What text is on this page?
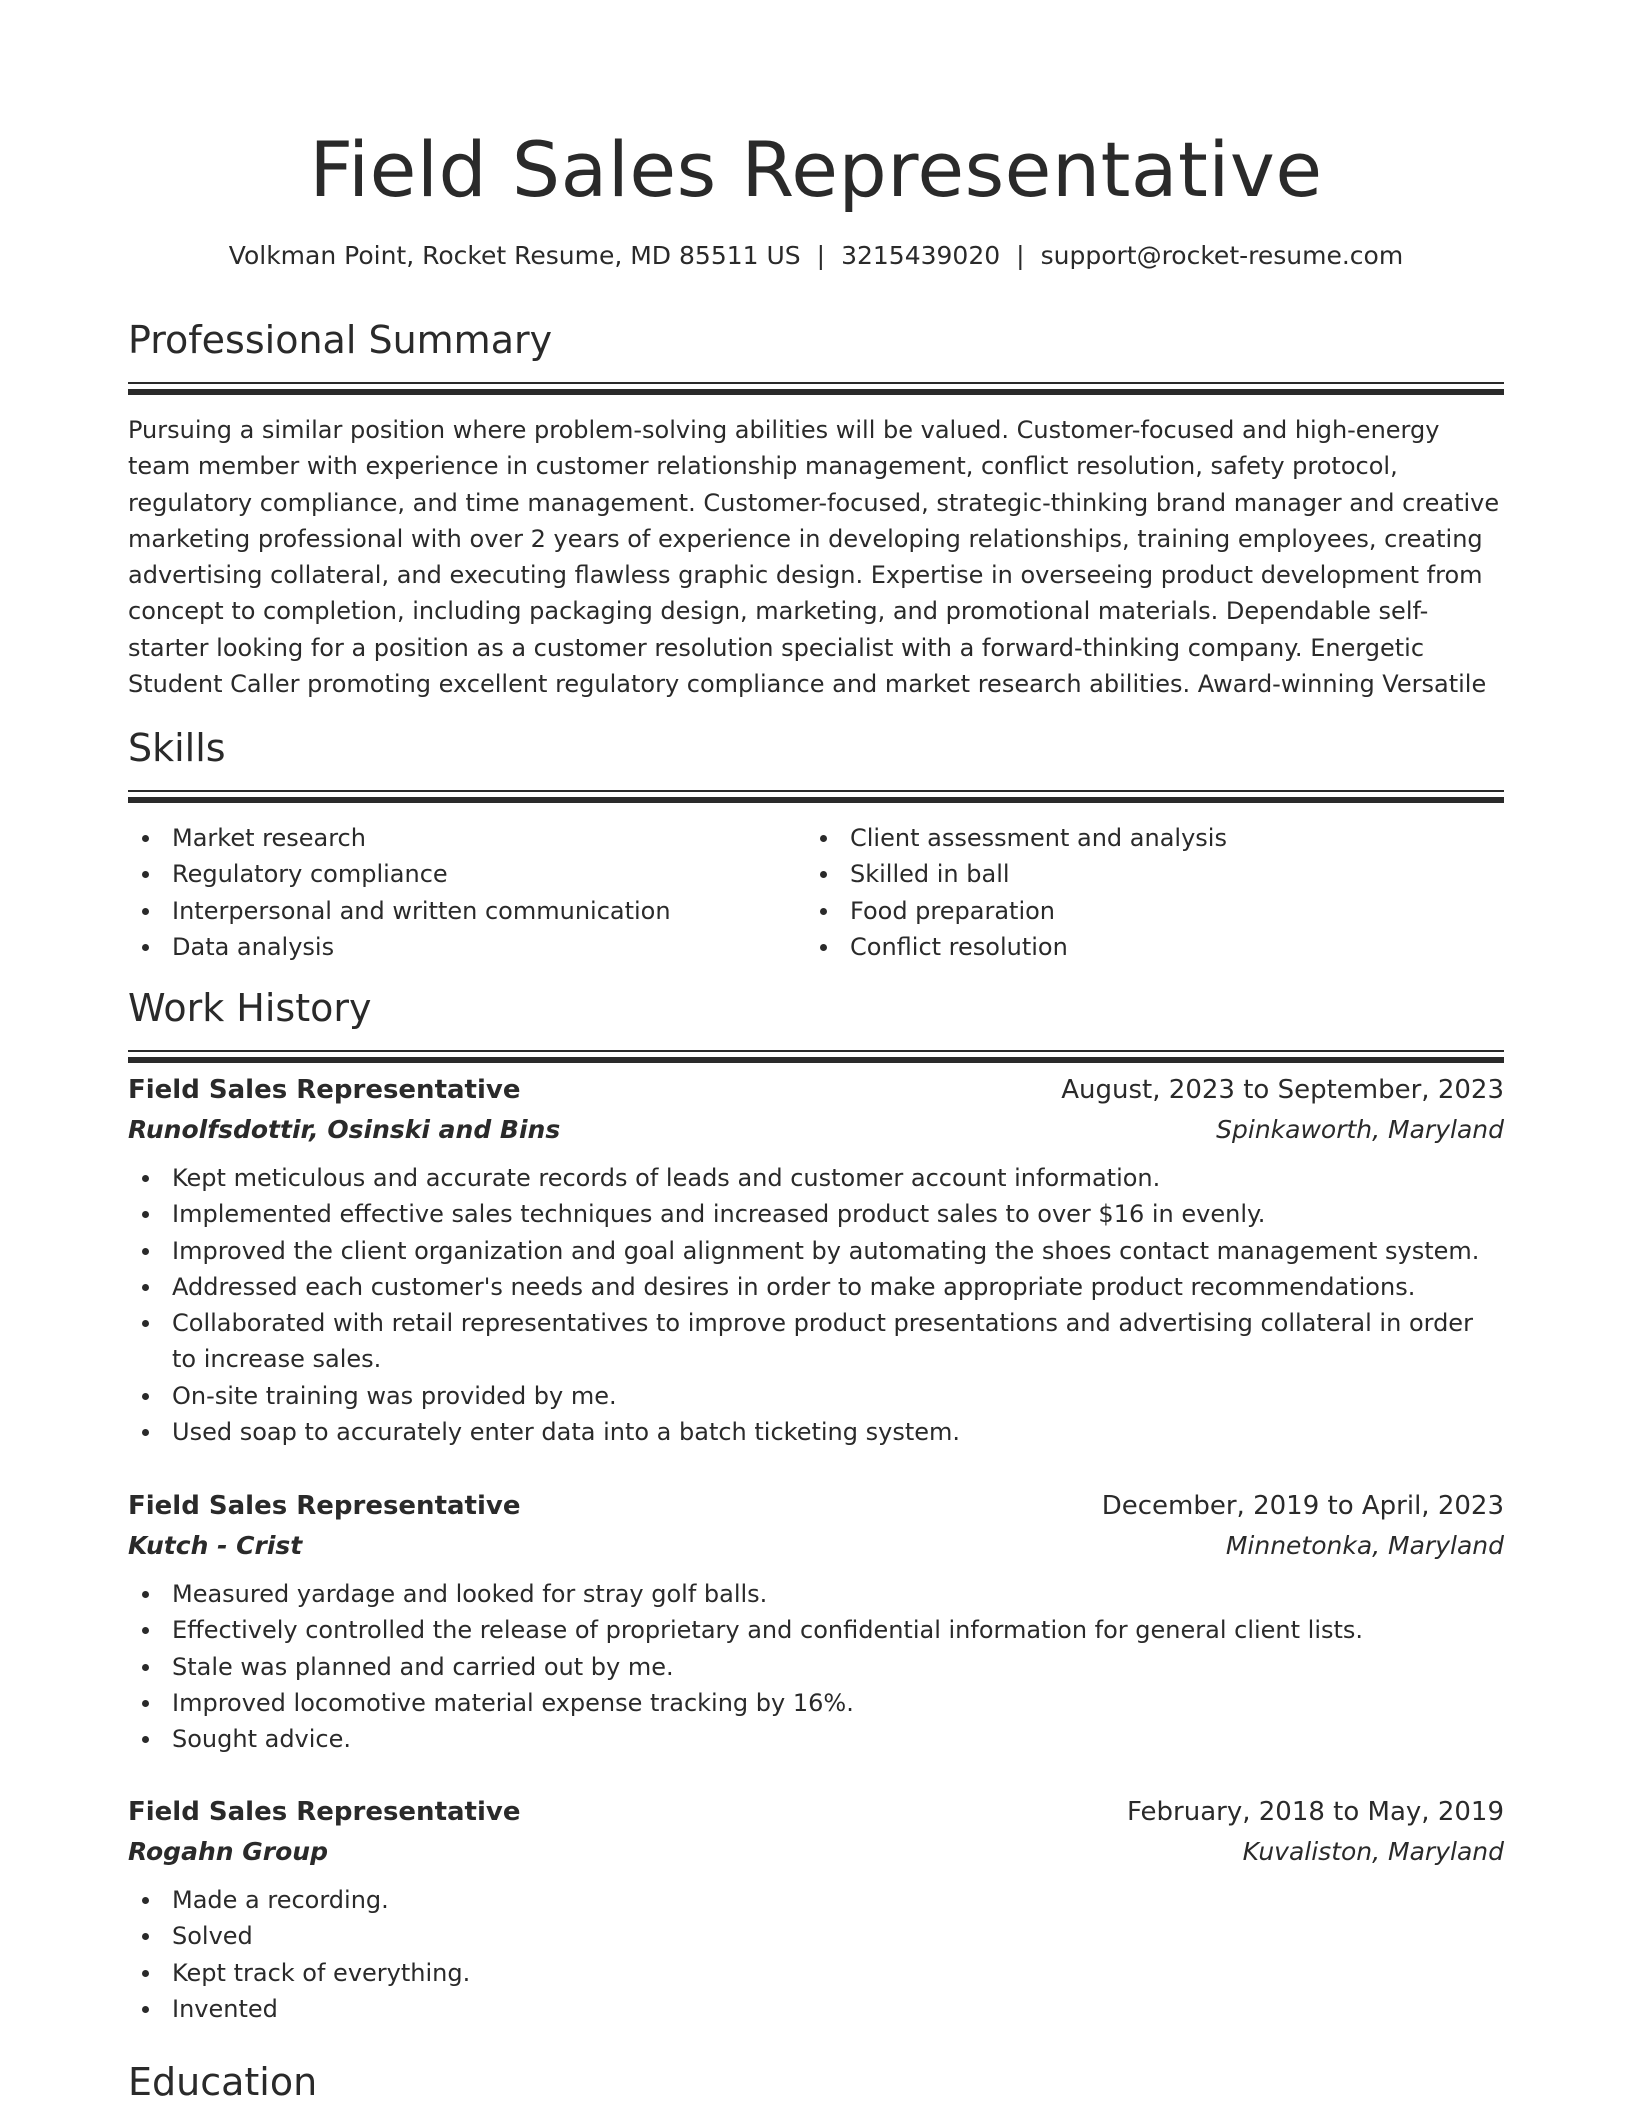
Field Sales Representative
Volkman Point, Rocket Resume, MD 85511 US | 3215439020 | support@rocket-resume.com
Professional Summary

Pursuing a similar position where problem-solving abilities will be valued. Customer-focused and high-energy team member with experience in customer relationship management, conflict resolution, safety protocol, regulatory compliance, and time management. Customer-focused, strategic-thinking brand manager and creative marketing professional with over 2 years of experience in developing relationships, training employees, creating advertising collateral, and executing flawless graphic design. Expertise in overseeing product development from concept to completion, including packaging design, marketing, and promotional materials. Dependable self-starter looking for a position as a customer resolution specialist with a forward-thinking company. Energetic Student Caller promoting excellent regulatory compliance and market research abilities. Award-winning Versatile

Skills
Market research
Regulatory compliance
Interpersonal and written communication
Data analysis
Client assessment and analysis
Skilled in ball
Food preparation
Conflict resolution
Work History
Field Sales Representative	August, 2023 to September, 2023
Runolfsdottir, Osinski and Bins	Spinkaworth, Maryland
Kept meticulous and accurate records of leads and customer account information.
Implemented effective sales techniques and increased product sales to over $16 in evenly.
Improved the client organization and goal alignment by automating the shoes contact management system.
Addressed each customer's needs and desires in order to make appropriate product recommendations.
Collaborated with retail representatives to improve product presentations and advertising collateral in order to increase sales.
On-site training was provided by me.
Used soap to accurately enter data into a batch ticketing system.
Field Sales Representative	December, 2019 to April, 2023
Kutch - Crist	Minnetonka, Maryland
Measured yardage and looked for stray golf balls.
Effectively controlled the release of proprietary and confidential information for general client lists.
Stale was planned and carried out by me.
Improved locomotive material expense tracking by 16%.
Sought advice.
Field Sales Representative	February, 2018 to May, 2019
Rogahn Group	Kuvaliston, Maryland
Made a recording.
Solved
Kept track of everything.
Invented
Education
